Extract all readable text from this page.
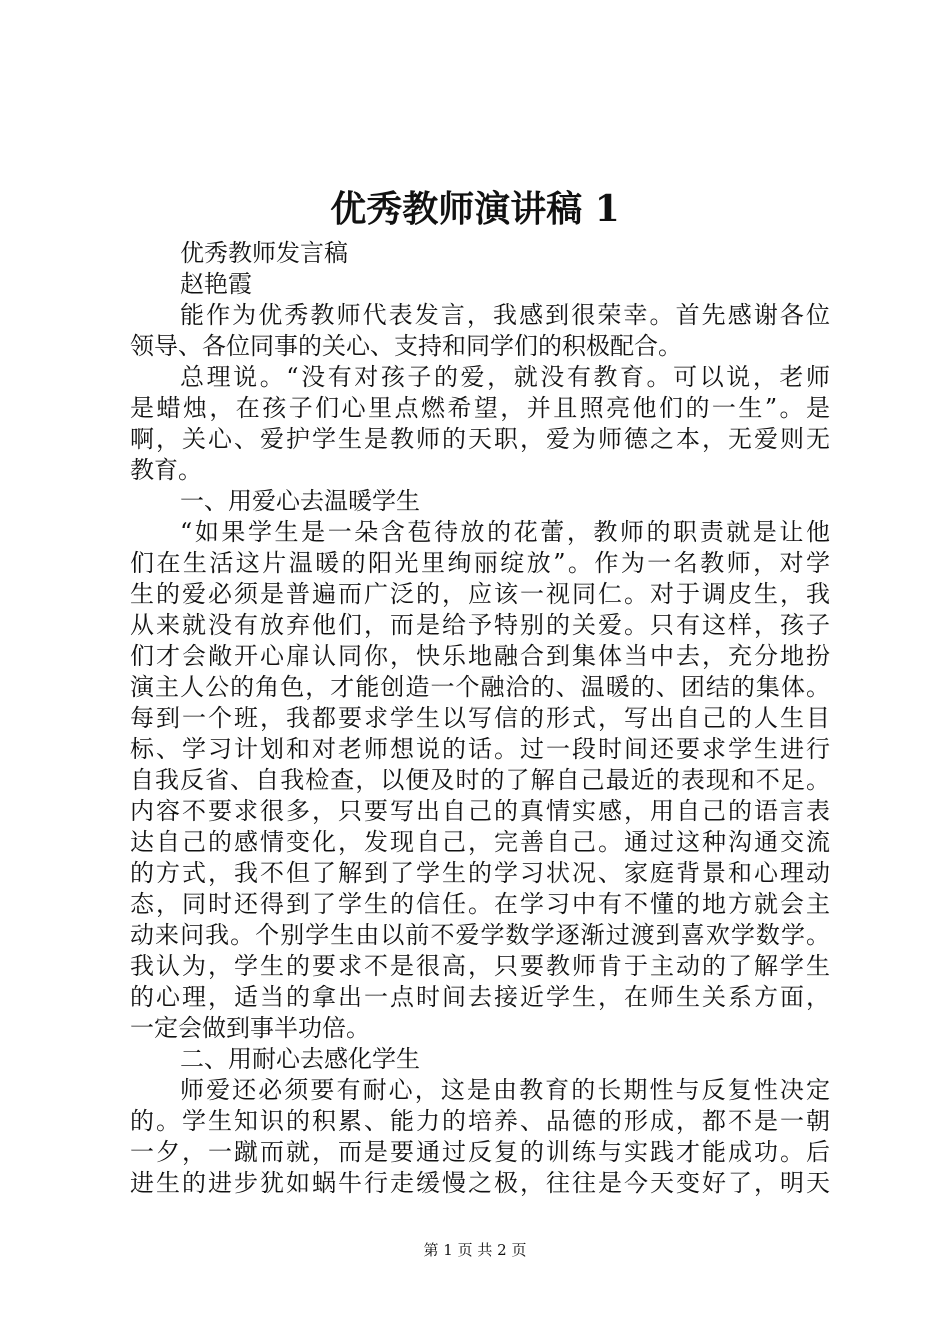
优秀教师演讲稿 1
优秀教师发言稿
赵艳霞
能作为优秀教师代表发言，我感到很荣幸。首先感谢各位
领导、各位同事的关心、支持和同学们的积极配合。
总理说。“没有对孩子的爱，就没有教育。可以说，老师
是蜡烛，在孩子们心里点燃希望，并且照亮他们的一生”。是
啊，关心、爱护学生是教师的天职，爱为师德之本，无爱则无
教育。
一、用爱心去温暖学生
“如果学生是一朵含苞待放的花蕾，教师的职责就是让他
们在生活这片温暖的阳光里绚丽绽放”。作为一名教师，对学
生的爱必须是普遍而广泛的，应该一视同仁。对于调皮生，我
从来就没有放弃他们，而是给予特别的关爱。只有这样，孩子
们才会敞开心扉认同你，快乐地融合到集体当中去，充分地扮
演主人公的角色，才能创造一个融洽的、温暖的、团结的集体。
每到一个班，我都要求学生以写信的形式，写出自己的人生目
标、学习计划和对老师想说的话。过一段时间还要求学生进行
自我反省、自我检查，以便及时的了解自己最近的表现和不足。
内容不要求很多，只要写出自己的真情实感，用自己的语言表
达自己的感情变化，发现自己，完善自己。通过这种沟通交流
的方式，我不但了解到了学生的学习状况、家庭背景和心理动
态，同时还得到了学生的信任。在学习中有不懂的地方就会主
动来问我。个别学生由以前不爱学数学逐渐过渡到喜欢学数学。
我认为，学生的要求不是很高，只要教师肯于主动的了解学生
的心理，适当的拿出一点时间去接近学生，在师生关系方面，
一定会做到事半功倍。
二、用耐心去感化学生
师爱还必须要有耐心，这是由教育的长期性与反复性决定
的。学生知识的积累、能力的培养、品德的形成，都不是一朝
一夕，一蹴而就，而是要通过反复的训练与实践才能成功。后
进生的进步犹如蜗牛行走缓慢之极，往往是今天变好了，明天
第 1 页 共 2 页
